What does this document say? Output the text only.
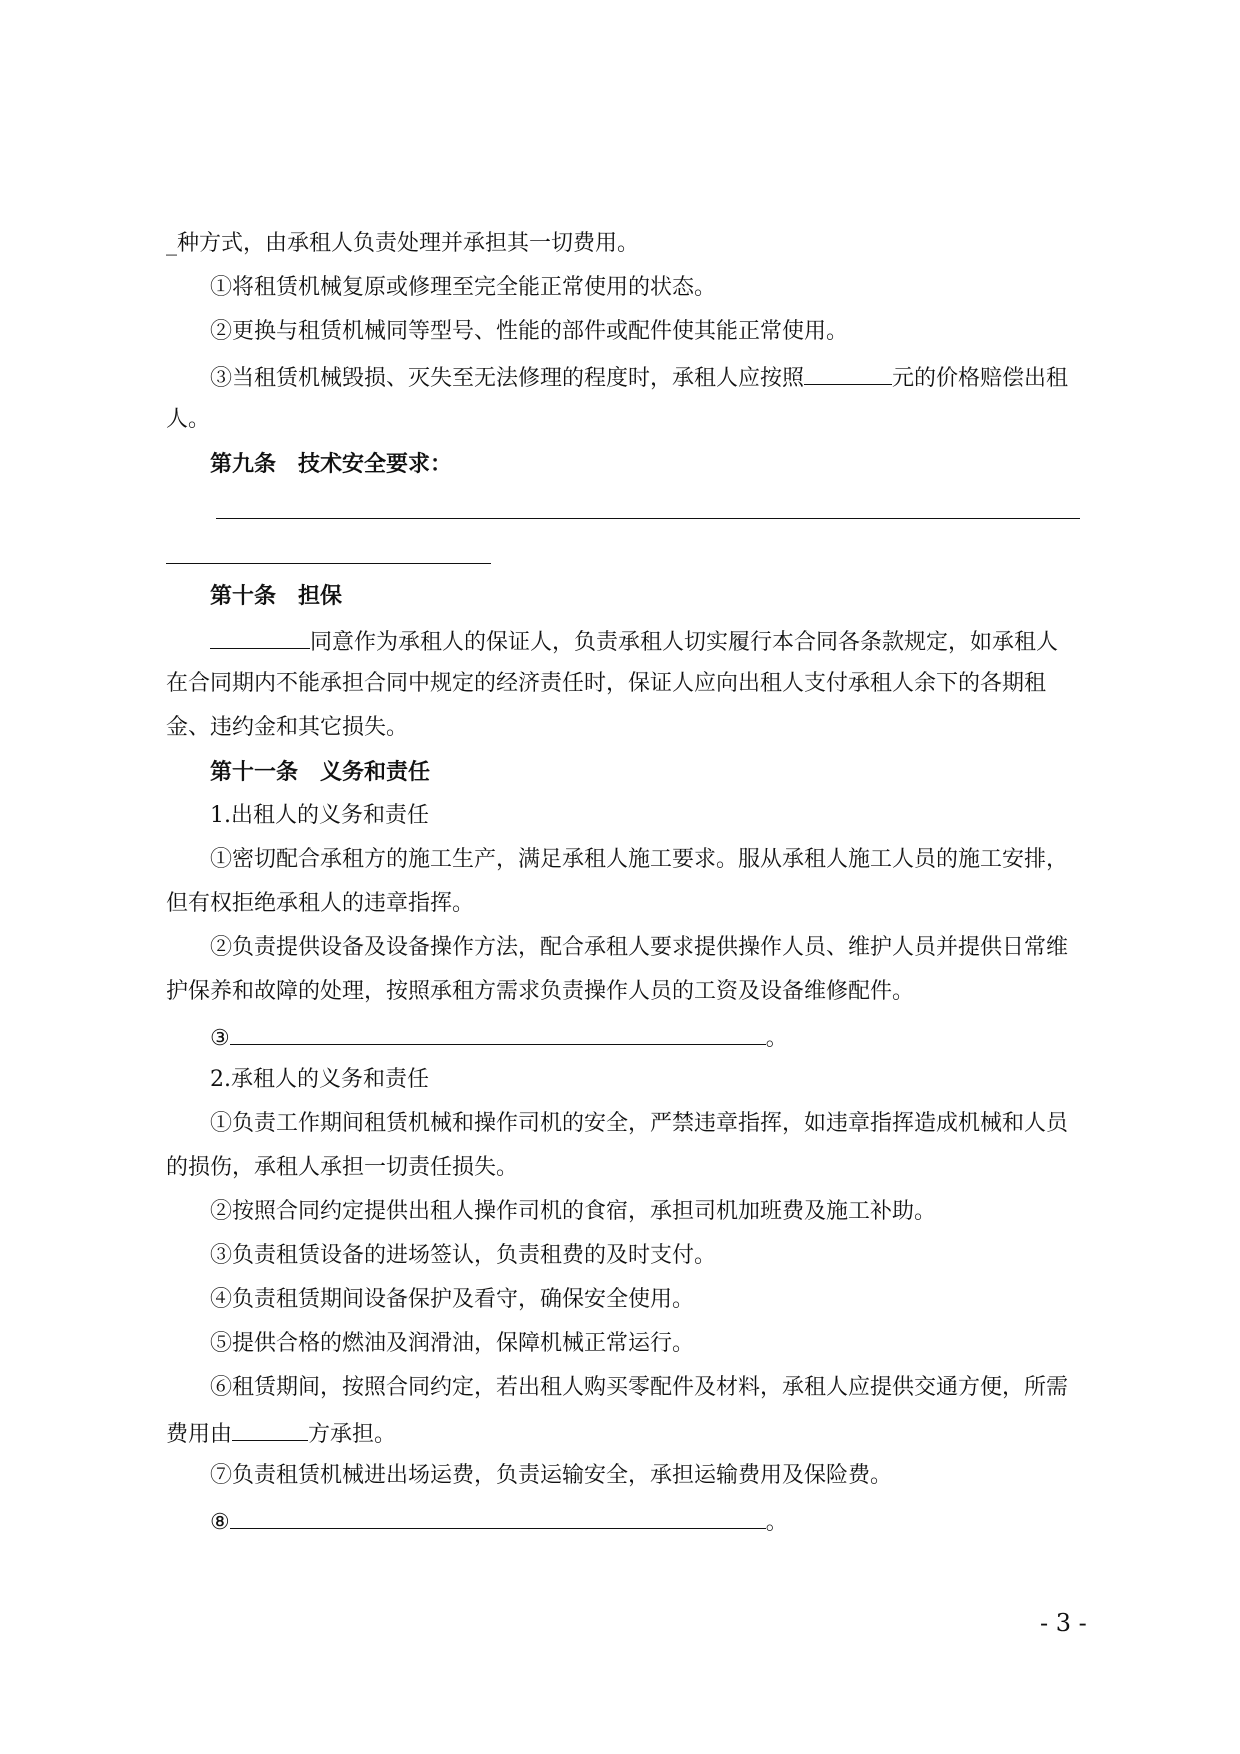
_种方式，由承租人负责处理并承担其一切费用。
①将租赁机械复原或修理至完全能正常使用的状态。
②更换与租赁机械同等型号、性能的部件或配件使其能正常使用。
③当租赁机械毁损、灭失至无法修理的程度时，承租人应按照	元的价格赔偿出租
人。
第九条　技术安全要求：
第十条　担保
同意作为承租人的保证人，负责承租人切实履行本合同各条款规定，如承租人
在合同期内不能承担合同中规定的经济责任时，保证人应向出租人支付承租人余下的各期租
金、违约金和其它损失。
第十一条　义务和责任
1.出租人的义务和责任
①密切配合承租方的施工生产，满足承租人施工要求。服从承租人施工人员的施工安排，
但有权拒绝承租人的违章指挥。
②负责提供设备及设备操作方法，配合承租人要求提供操作人员、维护人员并提供日常维
护保养和故障的处理，按照承租方需求负责操作人员的工资及设备维修配件。
③	。
2.承租人的义务和责任
①负责工作期间租赁机械和操作司机的安全，严禁违章指挥，如违章指挥造成机械和人员
的损伤，承租人承担一切责任损失。
②按照合同约定提供出租人操作司机的食宿，承担司机加班费及施工补助。
③负责租赁设备的进场签认，负责租费的及时支付。
④负责租赁期间设备保护及看守，确保安全使用。
⑤提供合格的燃油及润滑油，保障机械正常运行。
⑥租赁期间，按照合同约定，若出租人购买零配件及材料，承租人应提供交通方便，所需
费用由	方承担。
⑦负责租赁机械进出场运费，负责运输安全，承担运输费用及保险费。
⑧	。
- 3 -
